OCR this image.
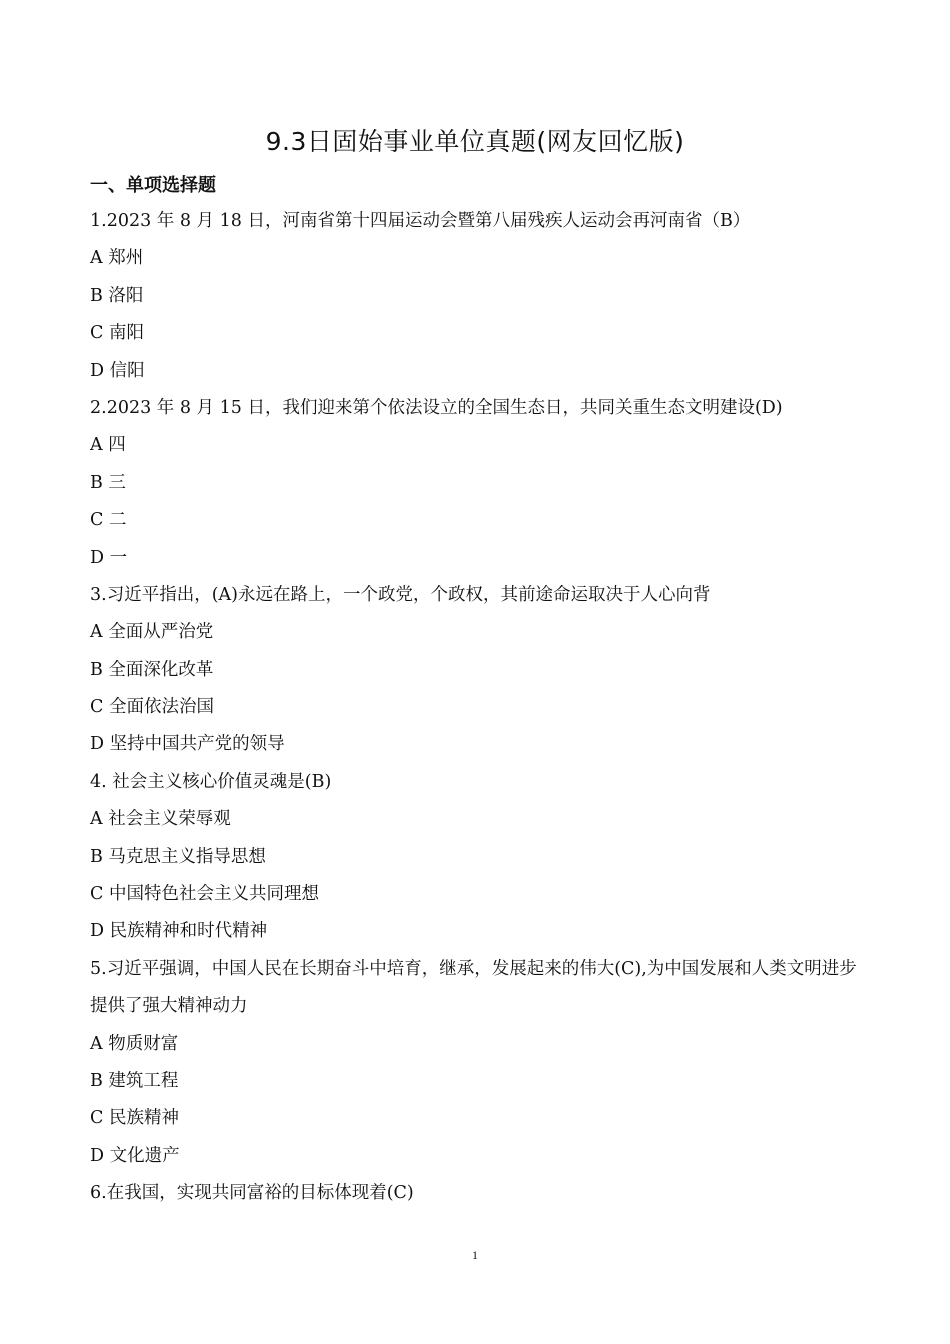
9.3日固始事业单位真题(网友回忆版)
一、单项选择题
1.2023 年 8 月 18 日，河南省第十四届运动会暨第八届残疾人运动会再河南省（B）
A 郑州
B 洛阳
C 南阳
D 信阳
2.2023 年 8 月 15 日，我们迎来第个依法设立的全国生态日，共同关重生态文明建设(D)
A 四
B 三
C 二
D 一
3.习近平指出，(A)永远在路上，一个政党，个政权，其前途命运取决于人心向背
A 全面从严治党
B 全面深化改革
C 全面依法治国
D 坚持中国共产党的领导
4. 社会主义核心价值灵魂是(B)
A 社会主义荣辱观
B 马克思主义指导思想
C 中国特色社会主义共同理想
D 民族精神和时代精神
5.习近平强调，中国人民在长期奋斗中培育，继承，发展起来的伟大(C),为中国发展和人类文明进步提供了强大精神动力
A 物质财富
B 建筑工程
C 民族精神
D 文化遗产
6.在我国，实现共同富裕的目标体现着(C)
1
